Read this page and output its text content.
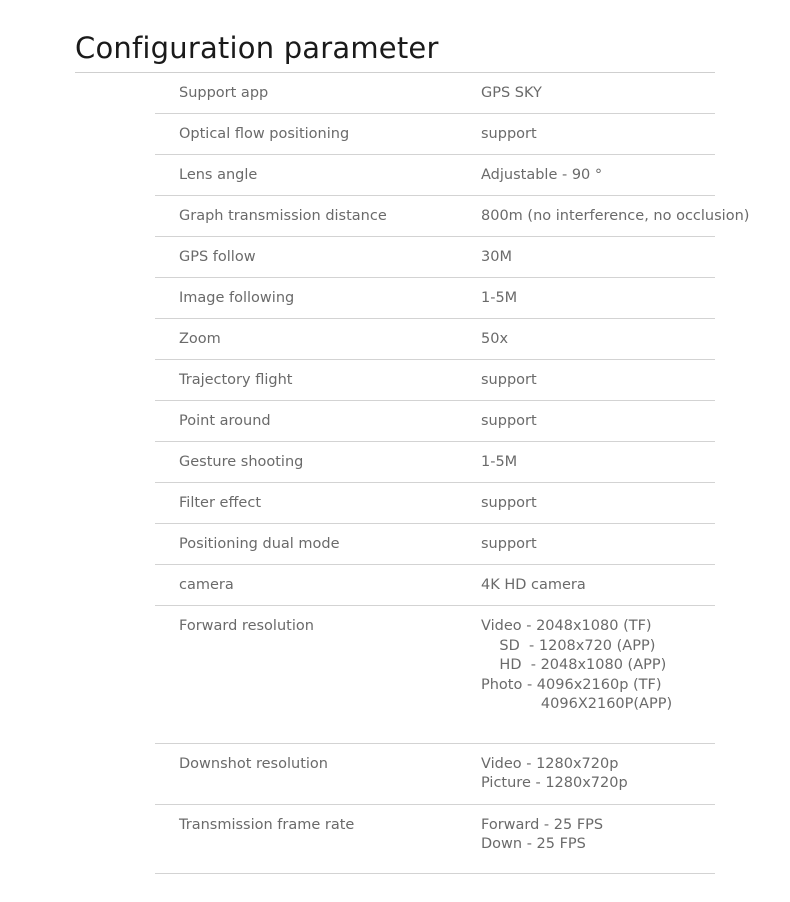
Configuration parameter
Support app	GPS SKY
Optical flow positioning	support
Lens angle	Adjustable - 90 °
Graph transmission distance	800m (no interference, no occlusion)
GPS follow	30M
Image following	1-5M
Zoom	50x
Trajectory flight	support
Point around	support
Gesture shooting	1-5M
Filter effect	support
Positioning dual mode	support
camera	4K HD camera
Forward resolution	Video - 2048x1080 (TF)
SD  - 1208x720 (APP)
HD  - 2048x1080 (APP)
Photo - 4096x2160p (TF)
4096X2160P(APP)
Downshot resolution	Video - 1280x720p
Picture - 1280x720p
Transmission frame rate	Forward - 25 FPS
Down - 25 FPS
